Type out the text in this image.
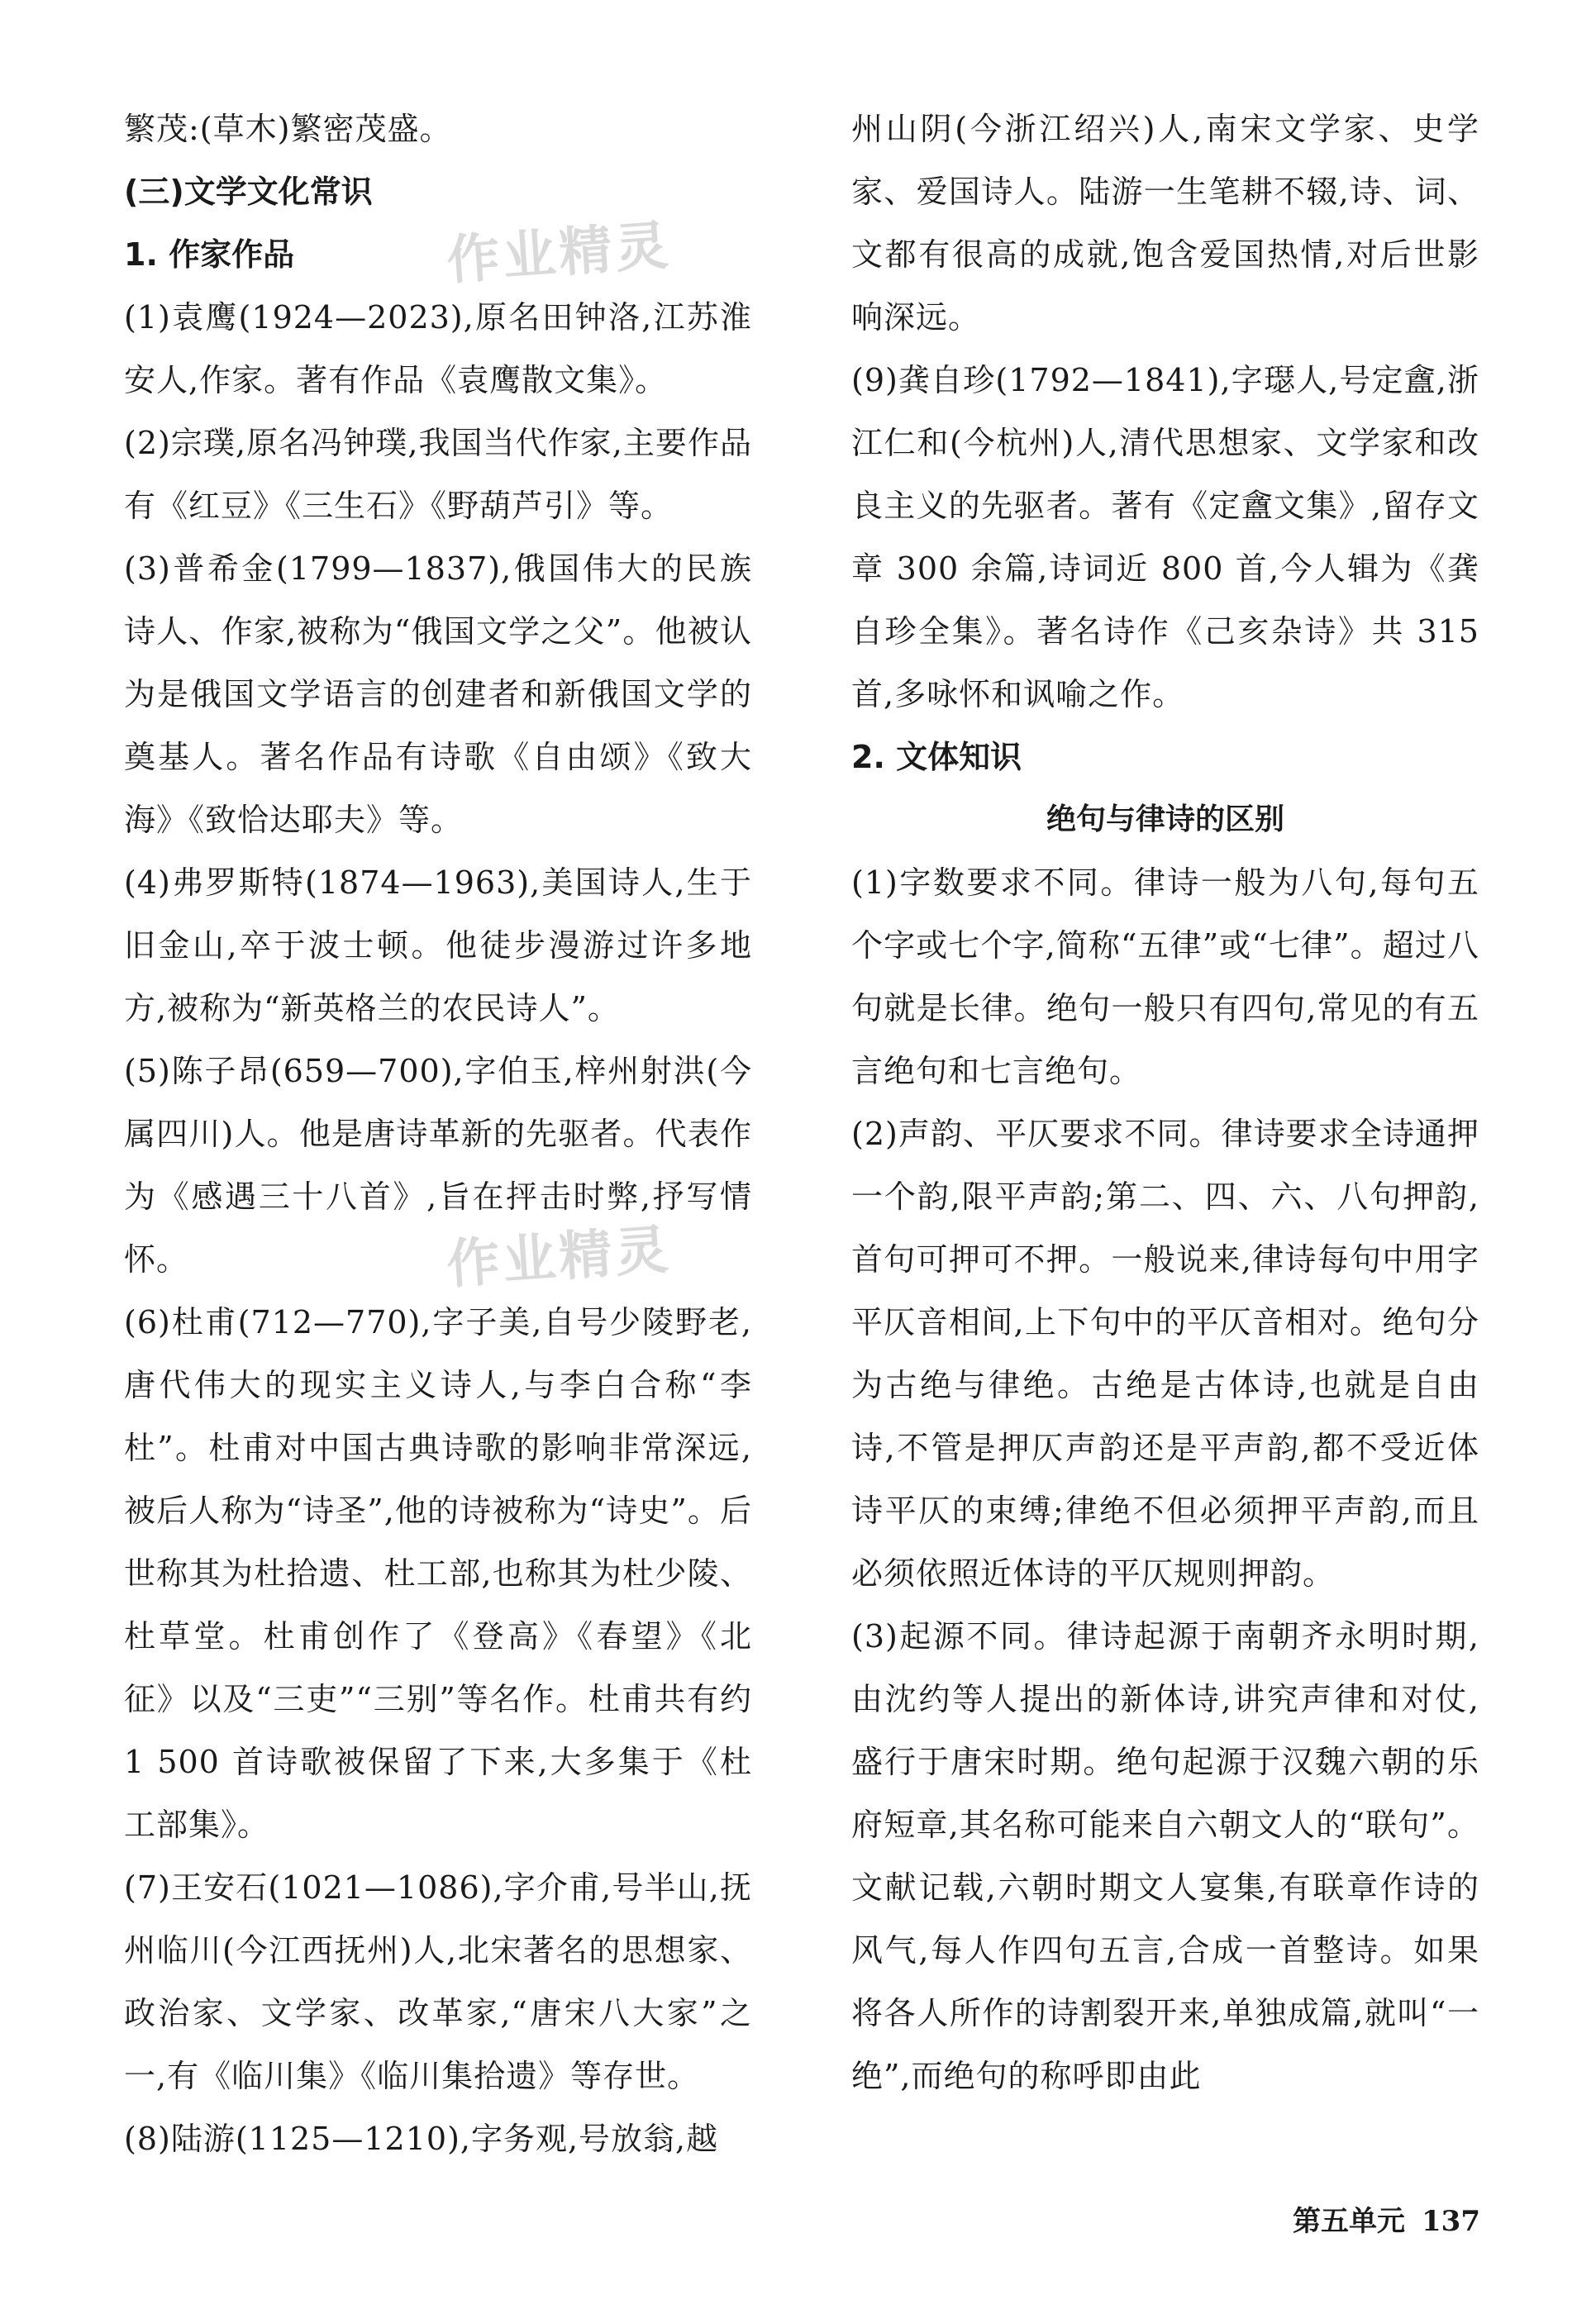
繁茂:(草木)繁密茂盛。

(三)文学文化常识
1. 作家作品

(1)袁鹰(1924—2023),原名田钟洛,江苏淮安人,作家。著有作品《袁鹰散文集》。

(2)宗璞,原名冯钟璞,我国当代作家,主要作品有《红豆》《三生石》《野葫芦引》等。

(3)普希金(1799—1837),俄国伟大的民族诗人、作家,被称为“俄国文学之父”。他被认为是俄国文学语言的创建者和新俄国文学的奠基人。著名作品有诗歌《自由颂》《致大海》《致恰达耶夫》等。

(4)弗罗斯特(1874—1963),美国诗人,生于旧金山,卒于波士顿。他徒步漫游过许多地方,被称为“新英格兰的农民诗人”。

(5)陈子昂(659—700),字伯玉,梓州射洪(今属四川)人。他是唐诗革新的先驱者。代表作为《感遇三十八首》,旨在抨击时弊,抒写情怀。

(6)杜甫(712—770),字子美,自号少陵野老,唐代伟大的现实主义诗人,与李白合称“李杜”。杜甫对中国古典诗歌的影响非常深远,被后人称为“诗圣”,他的诗被称为“诗史”。后世称其为杜拾遗、杜工部,也称其为杜少陵、杜草堂。杜甫创作了《登高》《春望》《北征》以及“三吏”“三别”等名作。杜甫共有约 1 500 首诗歌被保留了下来,大多集于《杜工部集》。

(7)王安石(1021—1086),字介甫,号半山,抚州临川(今江西抚州)人,北宋著名的思想家、政治家、文学家、改革家,“唐宋八大家”之一,有《临川集》《临川集拾遗》等存世。

(8)陆游(1125—1210),字务观,号放翁,越

州山阴(今浙江绍兴)人,南宋文学家、史学家、爱国诗人。陆游一生笔耕不辍,诗、词、文都有很高的成就,饱含爱国热情,对后世影响深远。

(9)龚自珍(1792—1841),字璱人,号定盦,浙江仁和(今杭州)人,清代思想家、文学家和改良主义的先驱者。著有《定盦文集》,留存文章 300 余篇,诗词近 800 首,今人辑为《龚自珍全集》。著名诗作《己亥杂诗》共 315 首,多咏怀和讽喻之作。

2. 文体知识
绝句与律诗的区别

(1)字数要求不同。律诗一般为八句,每句五个字或七个字,简称“五律”或“七律”。超过八句就是长律。绝句一般只有四句,常见的有五言绝句和七言绝句。

(2)声韵、平仄要求不同。律诗要求全诗通押一个韵,限平声韵;第二、四、六、八句押韵,首句可押可不押。一般说来,律诗每句中用字平仄音相间,上下句中的平仄音相对。绝句分为古绝与律绝。古绝是古体诗,也就是自由诗,不管是押仄声韵还是平声韵,都不受近体诗平仄的束缚;律绝不但必须押平声韵,而且必须依照近体诗的平仄规则押韵。

(3)起源不同。律诗起源于南朝齐永明时期,由沈约等人提出的新体诗,讲究声律和对仗,盛行于唐宋时期。绝句起源于汉魏六朝的乐府短章,其名称可能来自六朝文人的“联句”。文献记载,六朝时期文人宴集,有联章作诗的风气,每人作四句五言,合成一首整诗。如果将各人所作的诗割裂开来,单独成篇,就叫“一绝”,而绝句的称呼即由此

作业精灵
作业精灵
第五单元 137
